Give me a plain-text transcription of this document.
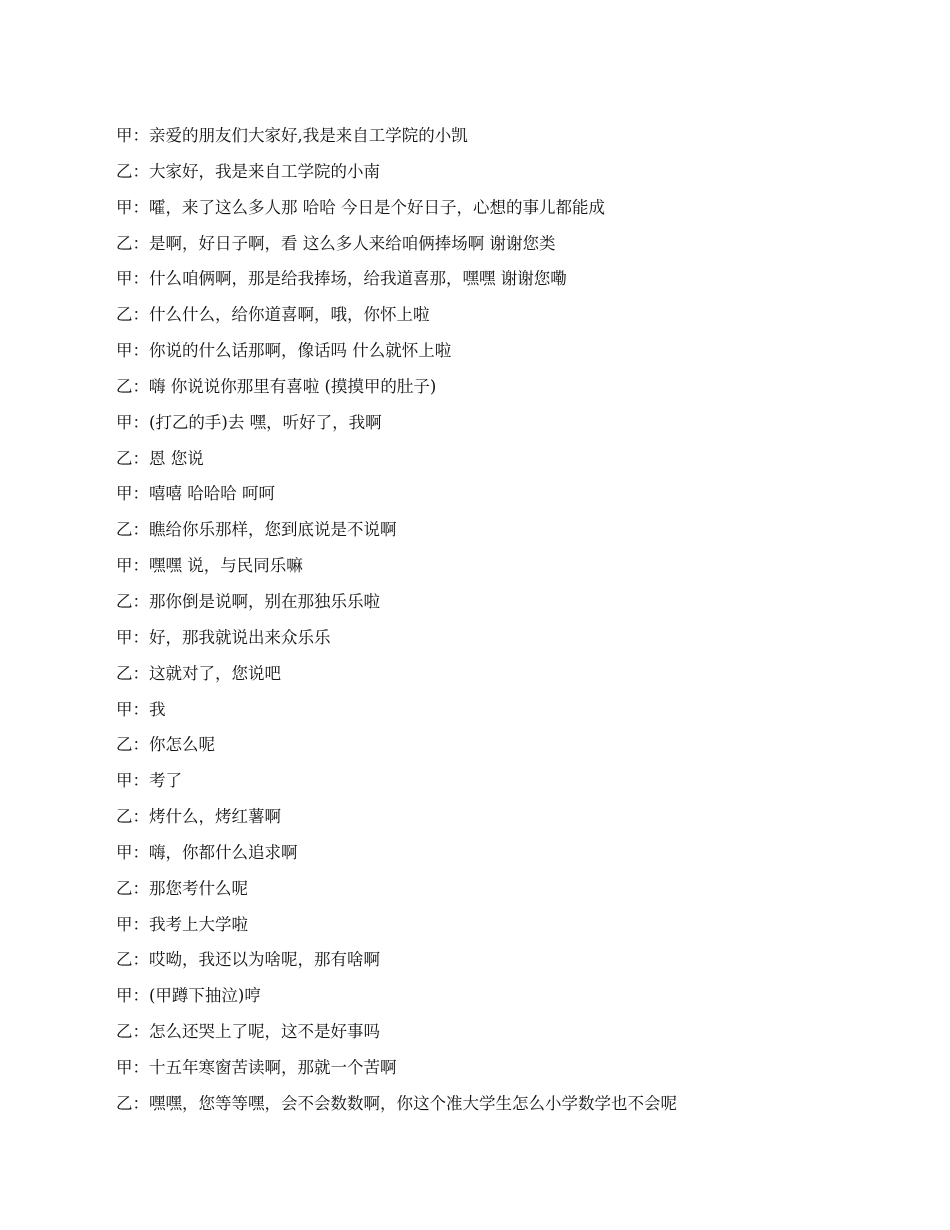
甲：亲爱的朋友们大家好,我是来自工学院的小凯
乙：大家好，我是来自工学院的小南
甲：嚯，来了这么多人那 哈哈 今日是个好日子，心想的事儿都能成
乙：是啊，好日子啊，看 这么多人来给咱俩捧场啊 谢谢您类
甲：什么咱俩啊，那是给我捧场，给我道喜那，嘿嘿 谢谢您嘞
乙：什么什么，给你道喜啊，哦，你怀上啦
甲：你说的什么话那啊，像话吗 什么就怀上啦
乙：嗨 你说说你那里有喜啦 (摸摸甲的肚子)
甲：(打乙的手)去 嘿，听好了，我啊
乙：恩 您说
甲：嘻嘻 哈哈哈 呵呵
乙：瞧给你乐那样，您到底说是不说啊
甲：嘿嘿 说，与民同乐嘛
乙：那你倒是说啊，别在那独乐乐啦
甲：好，那我就说出来众乐乐
乙：这就对了，您说吧
甲：我
乙：你怎么呢
甲：考了
乙：烤什么，烤红薯啊
甲：嗨，你都什么追求啊
乙：那您考什么呢
甲：我考上大学啦
乙：哎呦，我还以为啥呢，那有啥啊
甲：(甲蹲下抽泣)哼
乙：怎么还哭上了呢，这不是好事吗
甲：十五年寒窗苦读啊，那就一个苦啊
乙：嘿嘿，您等等嘿，会不会数数啊，你这个准大学生怎么小学数学也不会呢
